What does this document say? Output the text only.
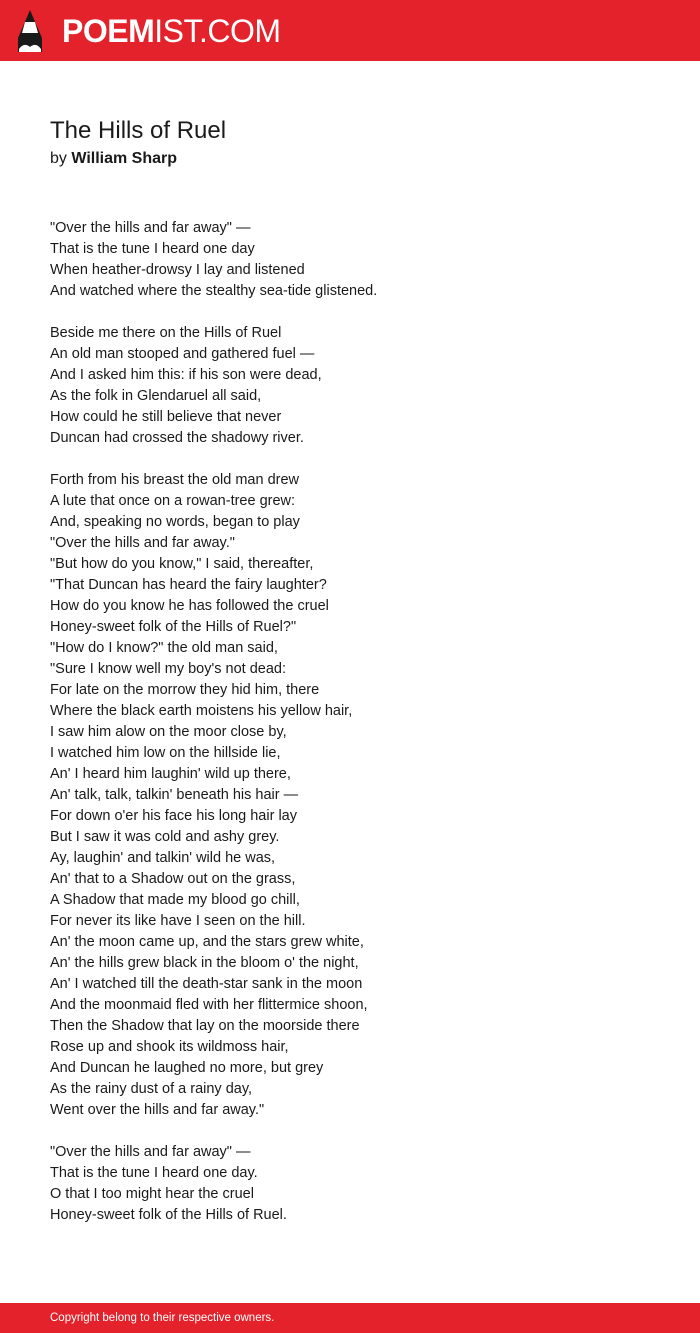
POEMIST.COM
The Hills of Ruel
by William Sharp
"Over the hills and far away" —
That is the tune I heard one day
When heather-drowsy I lay and listened
And watched where the stealthy sea-tide glistened.
Beside me there on the Hills of Ruel
An old man stooped and gathered fuel —
And I asked him this: if his son were dead,
As the folk in Glendaruel all said,
How could he still believe that never
Duncan had crossed the shadowy river.
Forth from his breast the old man drew
A lute that once on a rowan-tree grew:
And, speaking no words, began to play
"Over the hills and far away."
"But how do you know," I said, thereafter,
"That Duncan has heard the fairy laughter?
How do you know he has followed the cruel
Honey-sweet folk of the Hills of Ruel?"
"How do I know?" the old man said,
"Sure I know well my boy's not dead:
For late on the morrow they hid him, there
Where the black earth moistens his yellow hair,
I saw him alow on the moor close by,
I watched him low on the hillside lie,
An' I heard him laughin' wild up there,
An' talk, talk, talkin' beneath his hair —
For down o'er his face his long hair lay
But I saw it was cold and ashy grey.
Ay, laughin' and talkin' wild he was,
An' that to a Shadow out on the grass,
A Shadow that made my blood go chill,
For never its like have I seen on the hill.
An' the moon came up, and the stars grew white,
An' the hills grew black in the bloom o' the night,
An' I watched till the death-star sank in the moon
And the moonmaid fled with her flittermice shoon,
Then the Shadow that lay on the moorside there
Rose up and shook its wildmoss hair,
And Duncan he laughed no more, but grey
As the rainy dust of a rainy day,
Went over the hills and far away."
"Over the hills and far away" —
That is the tune I heard one day.
O that I too might hear the cruel
Honey-sweet folk of the Hills of Ruel.
Copyright belong to their respective owners.
